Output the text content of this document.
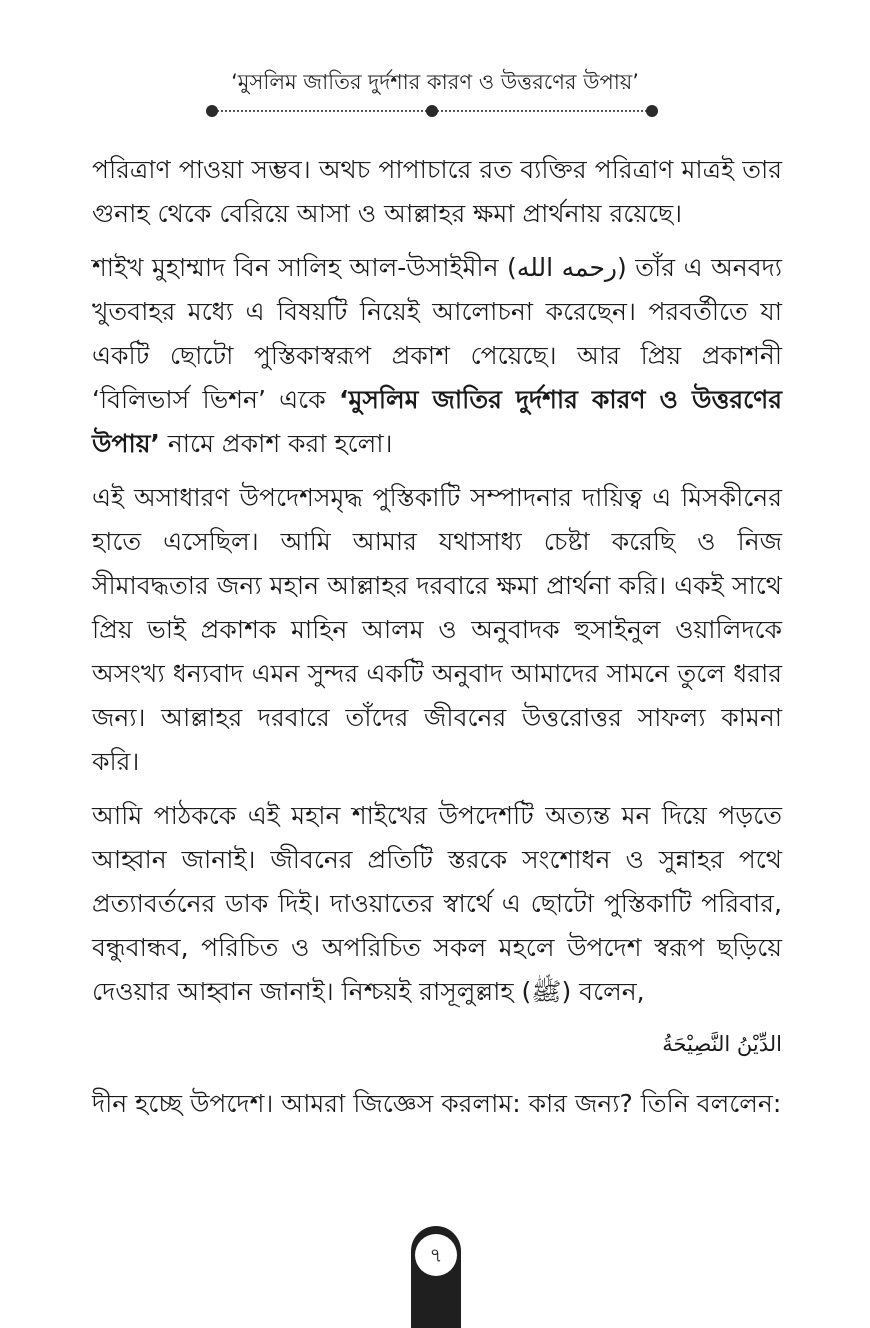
‘মুসলিম জাতির দুর্দশার কারণ ও উত্তরণের উপায়’

পরিত্রাণ পাওয়া সম্ভব। অথচ পাপাচারে রত ব্যক্তির পরিত্রাণ মাত্রই তার গুনাহ থেকে বেরিয়ে আসা ও আল্লাহর ক্ষমা প্রার্থনায় রয়েছে।

শাইখ মুহাম্মাদ বিন সালিহ আল-উসাইমীন (رحمه الله) তাঁর এ অনবদ্য খুতবাহর মধ্যে এ বিষয়টি নিয়েই আলোচনা করেছেন। পরবর্তীতে যা একটি ছোটো পুস্তিকাস্বরূপ প্রকাশ পেয়েছে। আর প্রিয় প্রকাশনী ‘বিলিভার্স ভিশন’ একে ‘মুসলিম জাতির দুর্দশার কারণ ও উত্তরণের উপায়’ নামে প্রকাশ করা হলো।

এই অসাধারণ উপদেশসমৃদ্ধ পুস্তিকাটি সম্পাদনার দায়িত্ব এ মিসকীনের হাতে এসেছিল। আমি আমার যথাসাধ্য চেষ্টা করেছি ও নিজ সীমাবদ্ধতার জন্য মহান আল্লাহর দরবারে ক্ষমা প্রার্থনা করি। একই সাথে প্রিয় ভাই প্রকাশক মাহিন আলম ও অনুবাদক হুসাইনুল ওয়ালিদকে অসংখ্য ধন্যবাদ এমন সুন্দর একটি অনুবাদ আমাদের সামনে তুলে ধরার জন্য। আল্লাহর দরবারে তাঁদের জীবনের উত্তরোত্তর সাফল্য কামনা করি।

আমি পাঠককে এই মহান শাইখের উপদেশটি অত্যন্ত মন দিয়ে পড়তে আহ্বান জানাই। জীবনের প্রতিটি স্তরকে সংশোধন ও সুন্নাহর পথে প্রত্যাবর্তনের ডাক দিই। দাওয়াতের স্বার্থে এ ছোটো পুস্তিকাটি পরিবার, বন্ধুবান্ধব, পরিচিত ও অপরিচিত সকল মহলে উপদেশ স্বরূপ ছড়িয়ে দেওয়ার আহ্বান জানাই। নিশ্চয়ই রাসূলুল্লাহ (ﷺ) বলেন,

الدِّيْنُ النَّصِيْحَةُ

দীন হচ্ছে উপদেশ। আমরা জিজ্ঞেস করলাম: কার জন্য? তিনি বললেন:

৭
